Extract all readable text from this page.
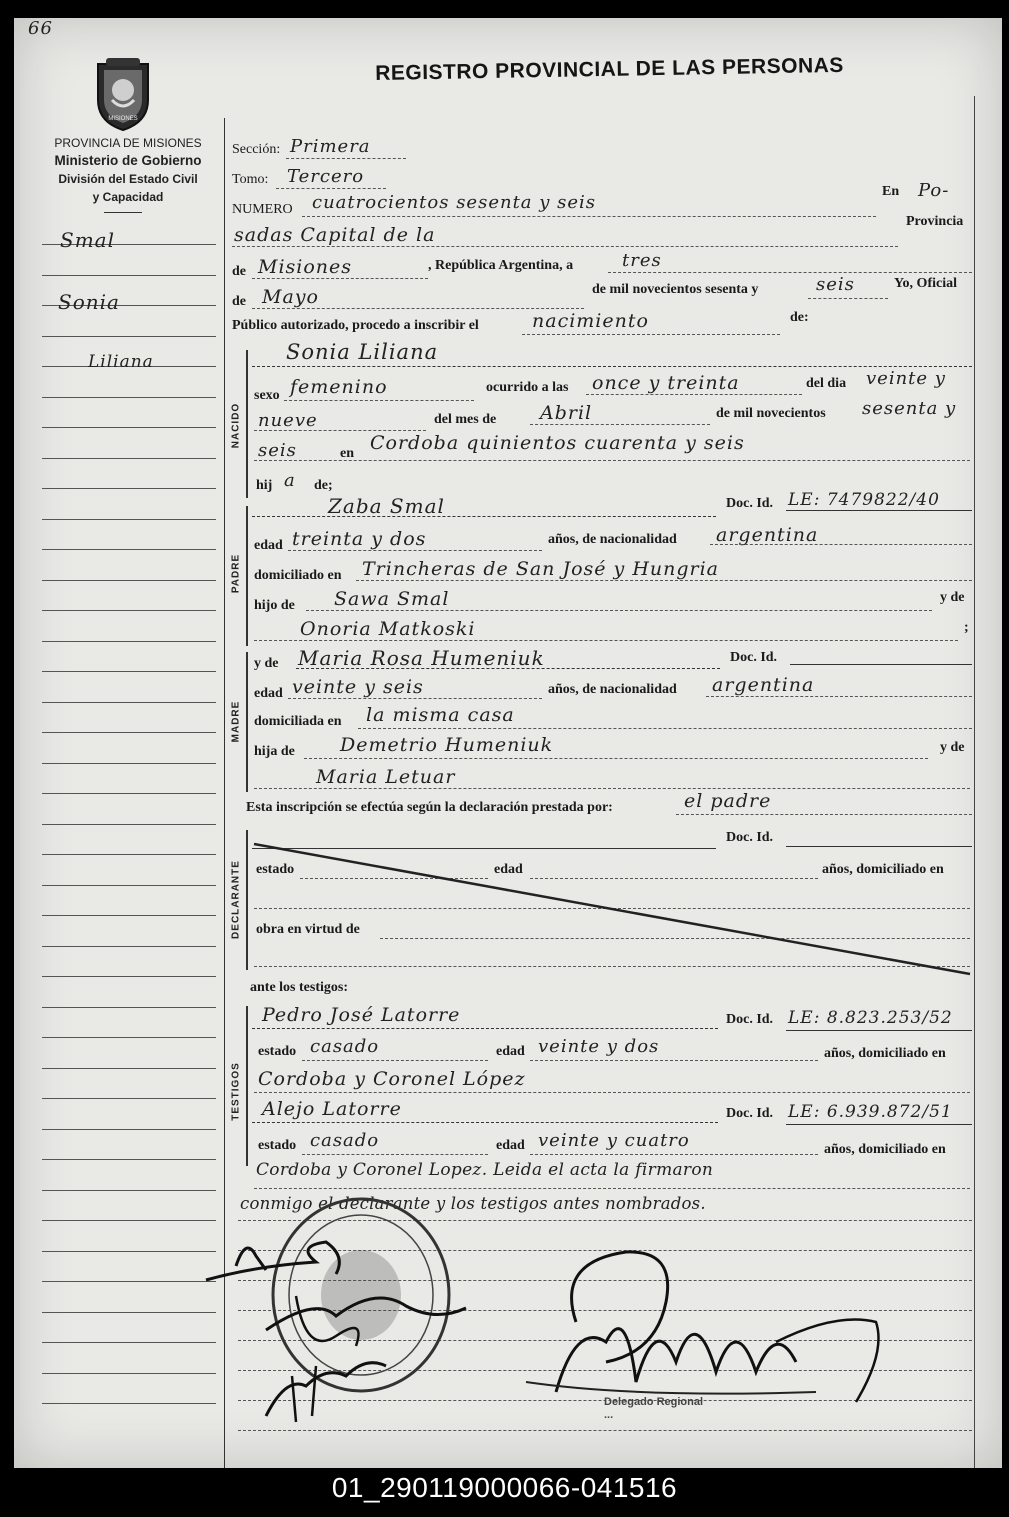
66
MISIONES
REGISTRO PROVINCIAL DE LAS PERSONAS
PROVINCIA DE MISIONES
Ministerio de Gobierno
División del Estado Civil
y Capacidad
Smal
Sonia
Liliana
Sección: Primera
Tomo: Tercero
NUMERO cuatrocientos sesenta y seis
En Po-
sadas Capital de la
Provincia
de Misiones	, República Argentina, a	tres
de Mayo	de mil novecientos sesenta y	seis	Yo, Oficial
Público autorizado, procedo a inscribir el	nacimiento	de:
NACIDO
Sonia Liliana
sexo femenino	ocurrido a las once y treinta	del dia veinte y
nueve	del mes de Abril	de mil novecientos sesenta y
seis	en Cordoba quinientos cuarenta y seis
hij a de;
PADRE
Zaba Smal	Doc. Id. LE: 7479822/40
edad treinta y dos	años, de nacionalidad argentina
domiciliado en Trincheras de San José y Hungria
hijo de Sawa Smal	y de
Onoria Matkoski	;
MADRE
y de Maria Rosa Humeniuk	Doc. Id.
edad veinte y seis	años, de nacionalidad argentina
domiciliada en la misma casa
hija de Demetrio Humeniuk	y de
Maria Letuar
Esta inscripción se efectúa según la declaración prestada por:	el padre
DECLARANTE
Doc. Id.
estado	edad	años, domiciliado en
obra en virtud de
ante los testigos:
TESTIGOS
Pedro José Latorre	Doc. Id. LE: 8.823.253/52
estado casado	edad veinte y dos	años, domiciliado en
Cordoba y Coronel López
Alejo Latorre	Doc. Id. LE: 6.939.872/51
estado casado	edad veinte y cuatro	años, domiciliado en
Cordoba y Coronel Lopez. Leida el acta la firmaron
conmigo el declarante y los testigos antes nombrados.
Delegado Regional
...
01_290119000066-041516
